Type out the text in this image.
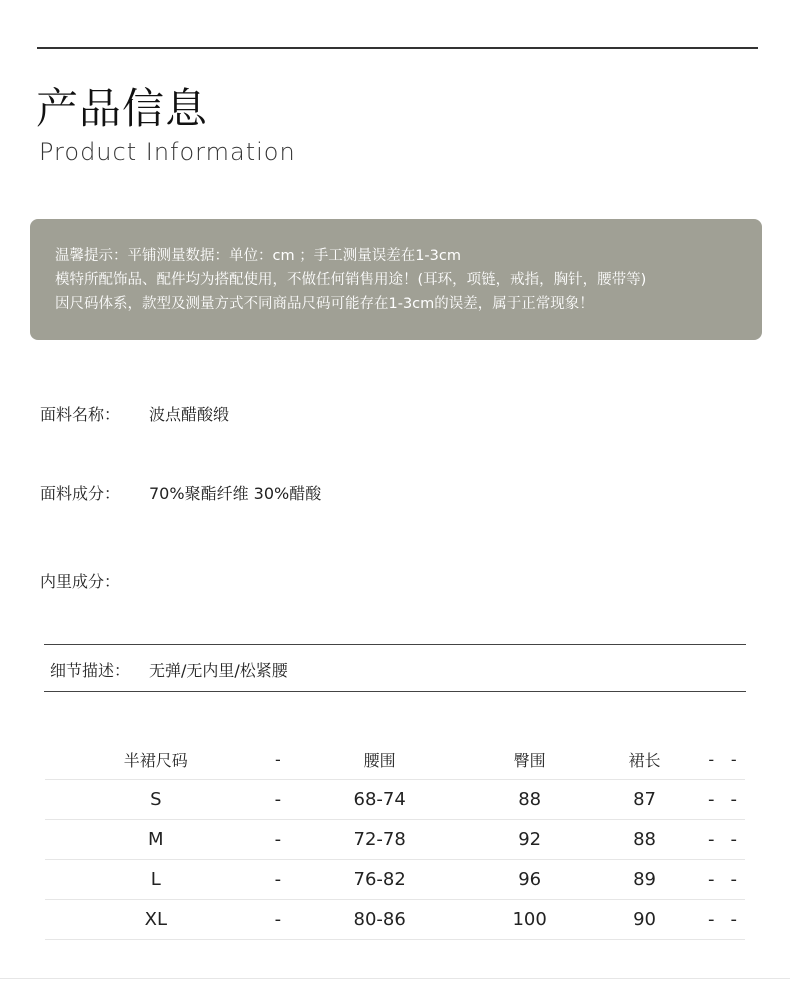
产品信息
Product Information
温馨提示：平铺测量数据：单位：cm ；手工测量误差在1-3cm
模特所配饰品、配件均为搭配使用，不做任何销售用途！(耳环，项链，戒指，胸针，腰带等)
因尺码体系，款型及测量方式不同商品尺码可能存在1-3cm的误差，属于正常现象！
面料名称： 波点醋酸缎
面料成分： 70%聚酯纤维 30%醋酸
内里成分：
细节描述： 无弹/无内里/松紧腰
半裙尺码	-	腰围	臀围	裙长	-	-
S	-	68-74	88	87	-	-
M	-	72-78	92	88	-	-
L	-	76-82	96	89	-	-
XL	-	80-86	100	90	-	-
